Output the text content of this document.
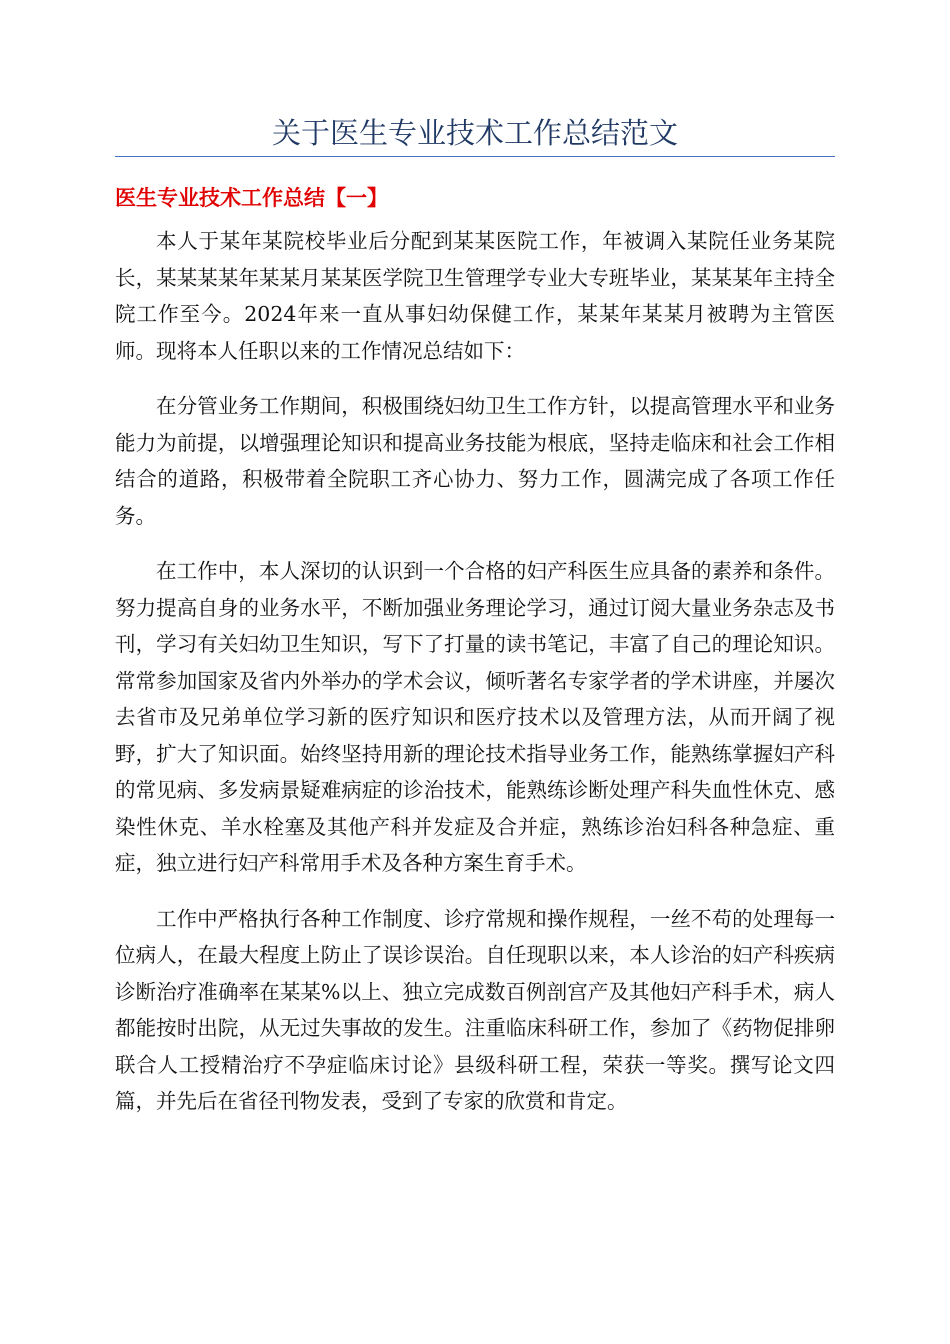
关于医生专业技术工作总结范文
医生专业技术工作总结【一】

本人于某年某院校毕业后分配到某某医院工作，年被调入某院任业务某院长，某某某某年某某月某某医学院卫生管理学专业大专班毕业，某某某年主持全院工作至今。2024年来一直从事妇幼保健工作，某某年某某月被聘为主管医师。现将本人任职以来的工作情况总结如下：

在分管业务工作期间，积极围绕妇幼卫生工作方针，以提高管理水平和业务能力为前提，以增强理论知识和提高业务技能为根底，坚持走临床和社会工作相结合的道路，积极带着全院职工齐心协力、努力工作，圆满完成了各项工作任务。

在工作中，本人深切的认识到一个合格的妇产科医生应具备的素养和条件。努力提高自身的业务水平，不断加强业务理论学习，通过订阅大量业务杂志及书刊，学习有关妇幼卫生知识，写下了打量的读书笔记，丰富了自己的理论知识。常常参加国家及省内外举办的学术会议，倾听著名专家学者的学术讲座，并屡次去省市及兄弟单位学习新的医疗知识和医疗技术以及管理方法，从而开阔了视野，扩大了知识面。始终坚持用新的理论技术指导业务工作，能熟练掌握妇产科的常见病、多发病景疑难病症的诊治技术，能熟练诊断处理产科失血性休克、感染性休克、羊水栓塞及其他产科并发症及合并症，熟练诊治妇科各种急症、重症，独立进行妇产科常用手术及各种方案生育手术。

工作中严格执行各种工作制度、诊疗常规和操作规程，一丝不苟的处理每一位病人，在最大程度上防止了误诊误治。自任现职以来，本人诊治的妇产科疾病诊断治疗准确率在某某%以上、独立完成数百例剖宫产及其他妇产科手术，病人都能按时出院，从无过失事故的发生。注重临床科研工作，参加了《药物促排卵联合人工授精治疗不孕症临床讨论》县级科研工程，荣获一等奖。撰写论文四篇，并先后在省径刊物发表，受到了专家的欣赏和肯定。
